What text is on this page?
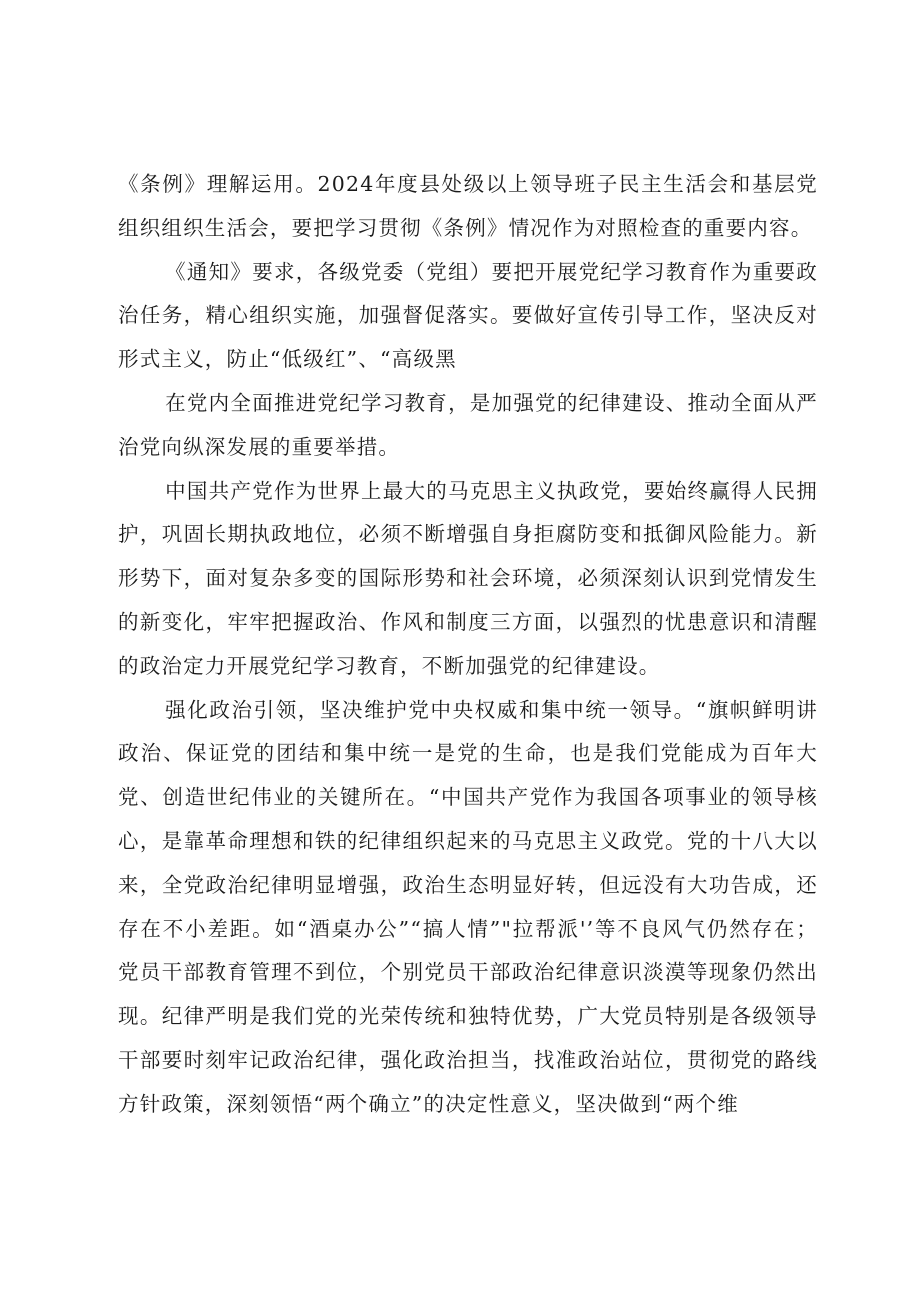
《条例》理解运用。2024年度县处级以上领导班子民主生活会和基层党组织组织生活会，要把学习贯彻《条例》情况作为对照检查的重要内容。

《通知》要求，各级党委（党组）要把开展党纪学习教育作为重要政治任务，精心组织实施，加强督促落实。要做好宣传引导工作，坚决反对形式主义，防止“低级红”、“高级黑

在党内全面推进党纪学习教育，是加强党的纪律建设、推动全面从严治党向纵深发展的重要举措。

中国共产党作为世界上最大的马克思主义执政党，要始终赢得人民拥护，巩固长期执政地位，必须不断增强自身拒腐防变和抵御风险能力。新形势下，面对复杂多变的国际形势和社会环境，必须深刻认识到党情发生的新变化，牢牢把握政治、作风和制度三方面，以强烈的忧患意识和清醒的政治定力开展党纪学习教育，不断加强党的纪律建设。

强化政治引领，坚决维护党中央权威和集中统一领导。“旗帜鲜明讲政治、保证党的团结和集中统一是党的生命，也是我们党能成为百年大党、创造世纪伟业的关键所在。“中国共产党作为我国各项事业的领导核心，是靠革命理想和铁的纪律组织起来的马克思主义政党。党的十八大以来，全党政治纪律明显增强，政治生态明显好转，但远没有大功告成，还存在不小差距。如“酒桌办公”“搞人情”"拉帮派'’等不良风气仍然存在；党员干部教育管理不到位，个别党员干部政治纪律意识淡漠等现象仍然出现。纪律严明是我们党的光荣传统和独特优势，广大党员特别是各级领导干部要时刻牢记政治纪律，强化政治担当，找准政治站位，贯彻党的路线方针政策，深刻领悟“两个确立”的决定性意义，坚决做到“两个维
